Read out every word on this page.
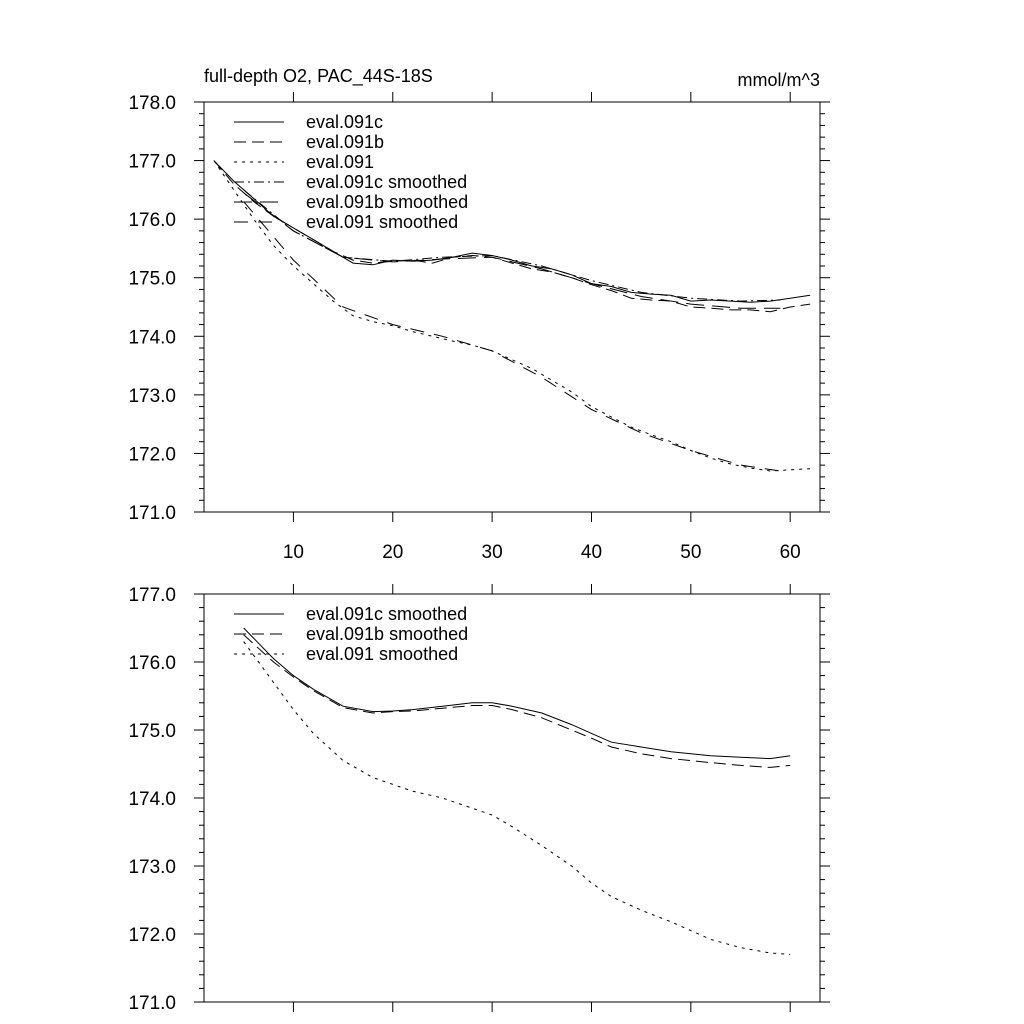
full-depth O2, PAC_44S-18S	mmol/m^3
171.0
172.0
173.0
174.0
175.0
176.0
177.0
178.0
10	20	30	40	50	60
eval.091c
eval.091b
eval.091
eval.091c smoothed
eval.091b smoothed
eval.091 smoothed
171.0
172.0
173.0
174.0
175.0
176.0
177.0
eval.091c smoothed
eval.091b smoothed
eval.091 smoothed
